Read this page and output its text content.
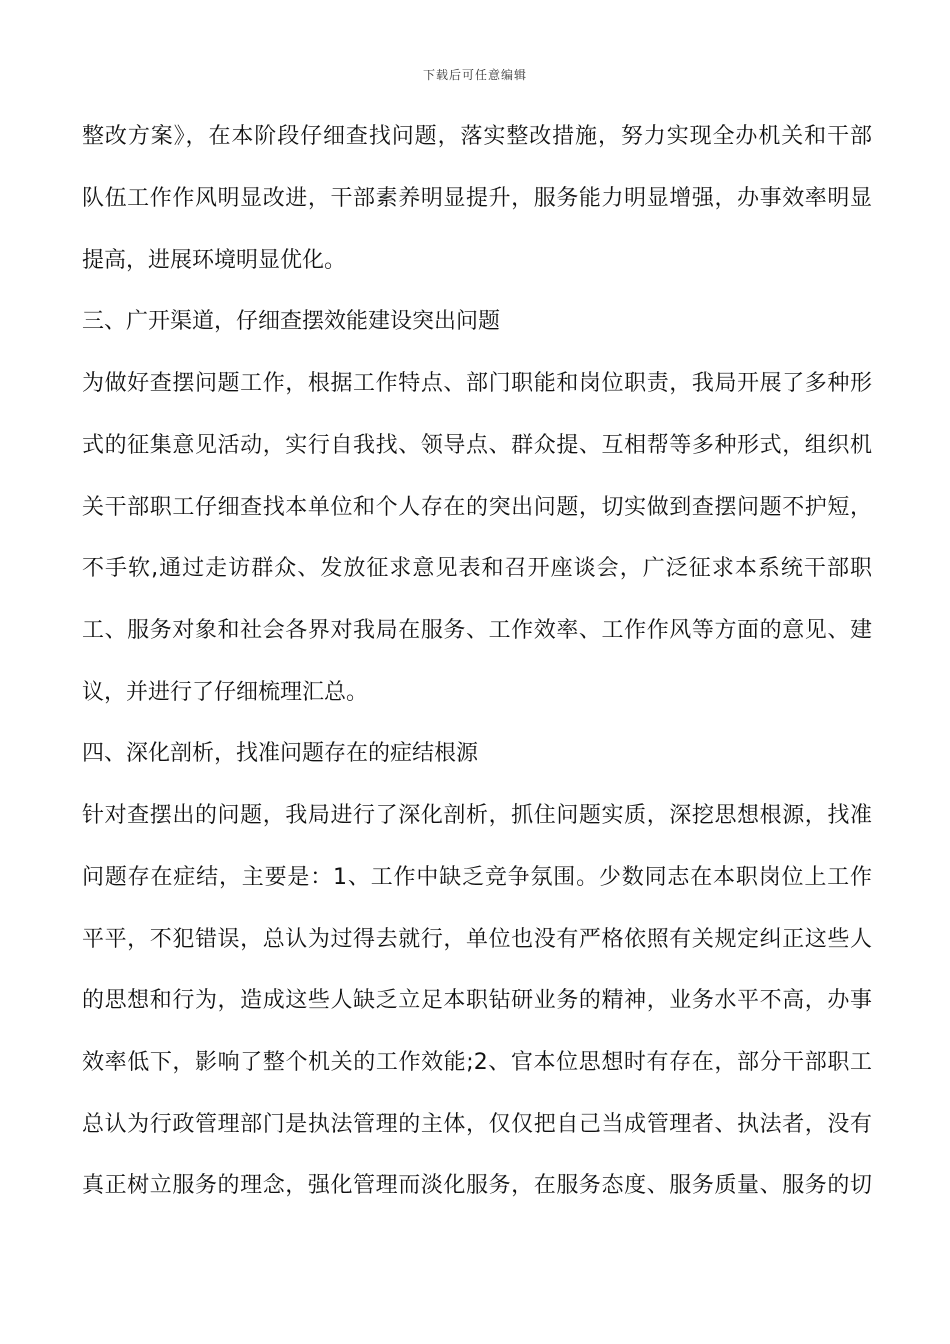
下载后可任意编辑
整改方案》，在本阶段仔细查找问题，落实整改措施，努力实现全办机关和干部
队伍工作作风明显改进，干部素养明显提升，服务能力明显增强，办事效率明显
提高，进展环境明显优化。
三、广开渠道，仔细查摆效能建设突出问题
为做好查摆问题工作，根据工作特点、部门职能和岗位职责，我局开展了多种形
式的征集意见活动，实行自我找、领导点、群众提、互相帮等多种形式，组织机
关干部职工仔细查找本单位和个人存在的突出问题，切实做到查摆问题不护短，
不手软,通过走访群众、发放征求意见表和召开座谈会，广泛征求本系统干部职
工、服务对象和社会各界对我局在服务、工作效率、工作作风等方面的意见、建
议，并进行了仔细梳理汇总。
四、深化剖析，找准问题存在的症结根源
针对查摆出的问题，我局进行了深化剖析，抓住问题实质，深挖思想根源，找准
问题存在症结，主要是：1、工作中缺乏竞争氛围。少数同志在本职岗位上工作
平平，不犯错误，总认为过得去就行，单位也没有严格依照有关规定纠正这些人
的思想和行为，造成这些人缺乏立足本职钻研业务的精神，业务水平不高，办事
效率低下，影响了整个机关的工作效能;2、官本位思想时有存在，部分干部职工
总认为行政管理部门是执法管理的主体，仅仅把自己当成管理者、执法者，没有
真正树立服务的理念，强化管理而淡化服务，在服务态度、服务质量、服务的切
